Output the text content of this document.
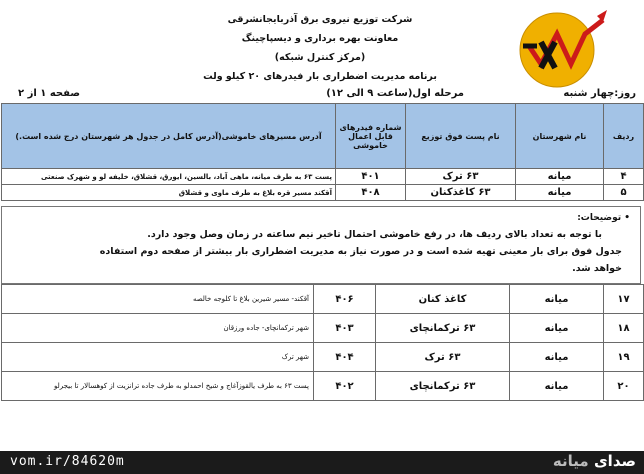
شرکت توزیع نیروی برق آذربایجانشرقی
معاونت بهره برداری و دیسپاچینگ
(مرکز کنترل شبکه)
برنامه مدیریت اضطراری بار فیدرهای ۲۰ کیلو ولت
روز:چهار شنبه
مرحله اول(ساعت ۹ الی ۱۲)
صفحه ۱ از ۲
ردیف	نام شهرستان	نام پست فوق توزیع	شماره فیدرهای قابل اعمال خاموشی	آدرس مسیرهای خاموشی(آدرس کامل در جدول هر شهرستان درج شده است.)
۴	میانه	۶۳ ترک	۴۰۱	پست ۶۳ به طرف میانه، ماهی آباد، بالسین، ایورق، قشلاق، خلیفه لو و شهرک صنعتی
۵	میانه	۶۳ کاغذکنان	۴۰۸	آقکند مسیر قره بلاغ به طرف ماوی و قشلاق
• توضیحات:
با توجه به تعداد بالای ردیف ها، در رفع خاموشی احتمال تاخیر نیم ساعته در زمان وصل وجود دارد.
جدول فوق برای بار معینی تهیه شده است و در صورت نیاز به مدیریت اضطراری بار بیشتر از صفحه دوم استفاده
خواهد شد.
۱۷	میانه	کاغذ کنان	۴۰۶	آقکند- مسیر شیرین بلاغ تا کلوجه خالصه
۱۸	میانه	۶۳ ترکمانچای	۴۰۳	شهر ترکمانچای- جاده ورزقان
۱۹	میانه	۶۳ ترک	۴۰۴	شهر ترک
۲۰	میانه	۶۳ ترکمانچای	۴۰۲	پست ۶۳ به طرف یالقوزآغاج و شیخ احمدلو به طرف جاده ترانزیت از کوهسالار تا بیجرلو
vom.ir/84620m	صدای میانه
